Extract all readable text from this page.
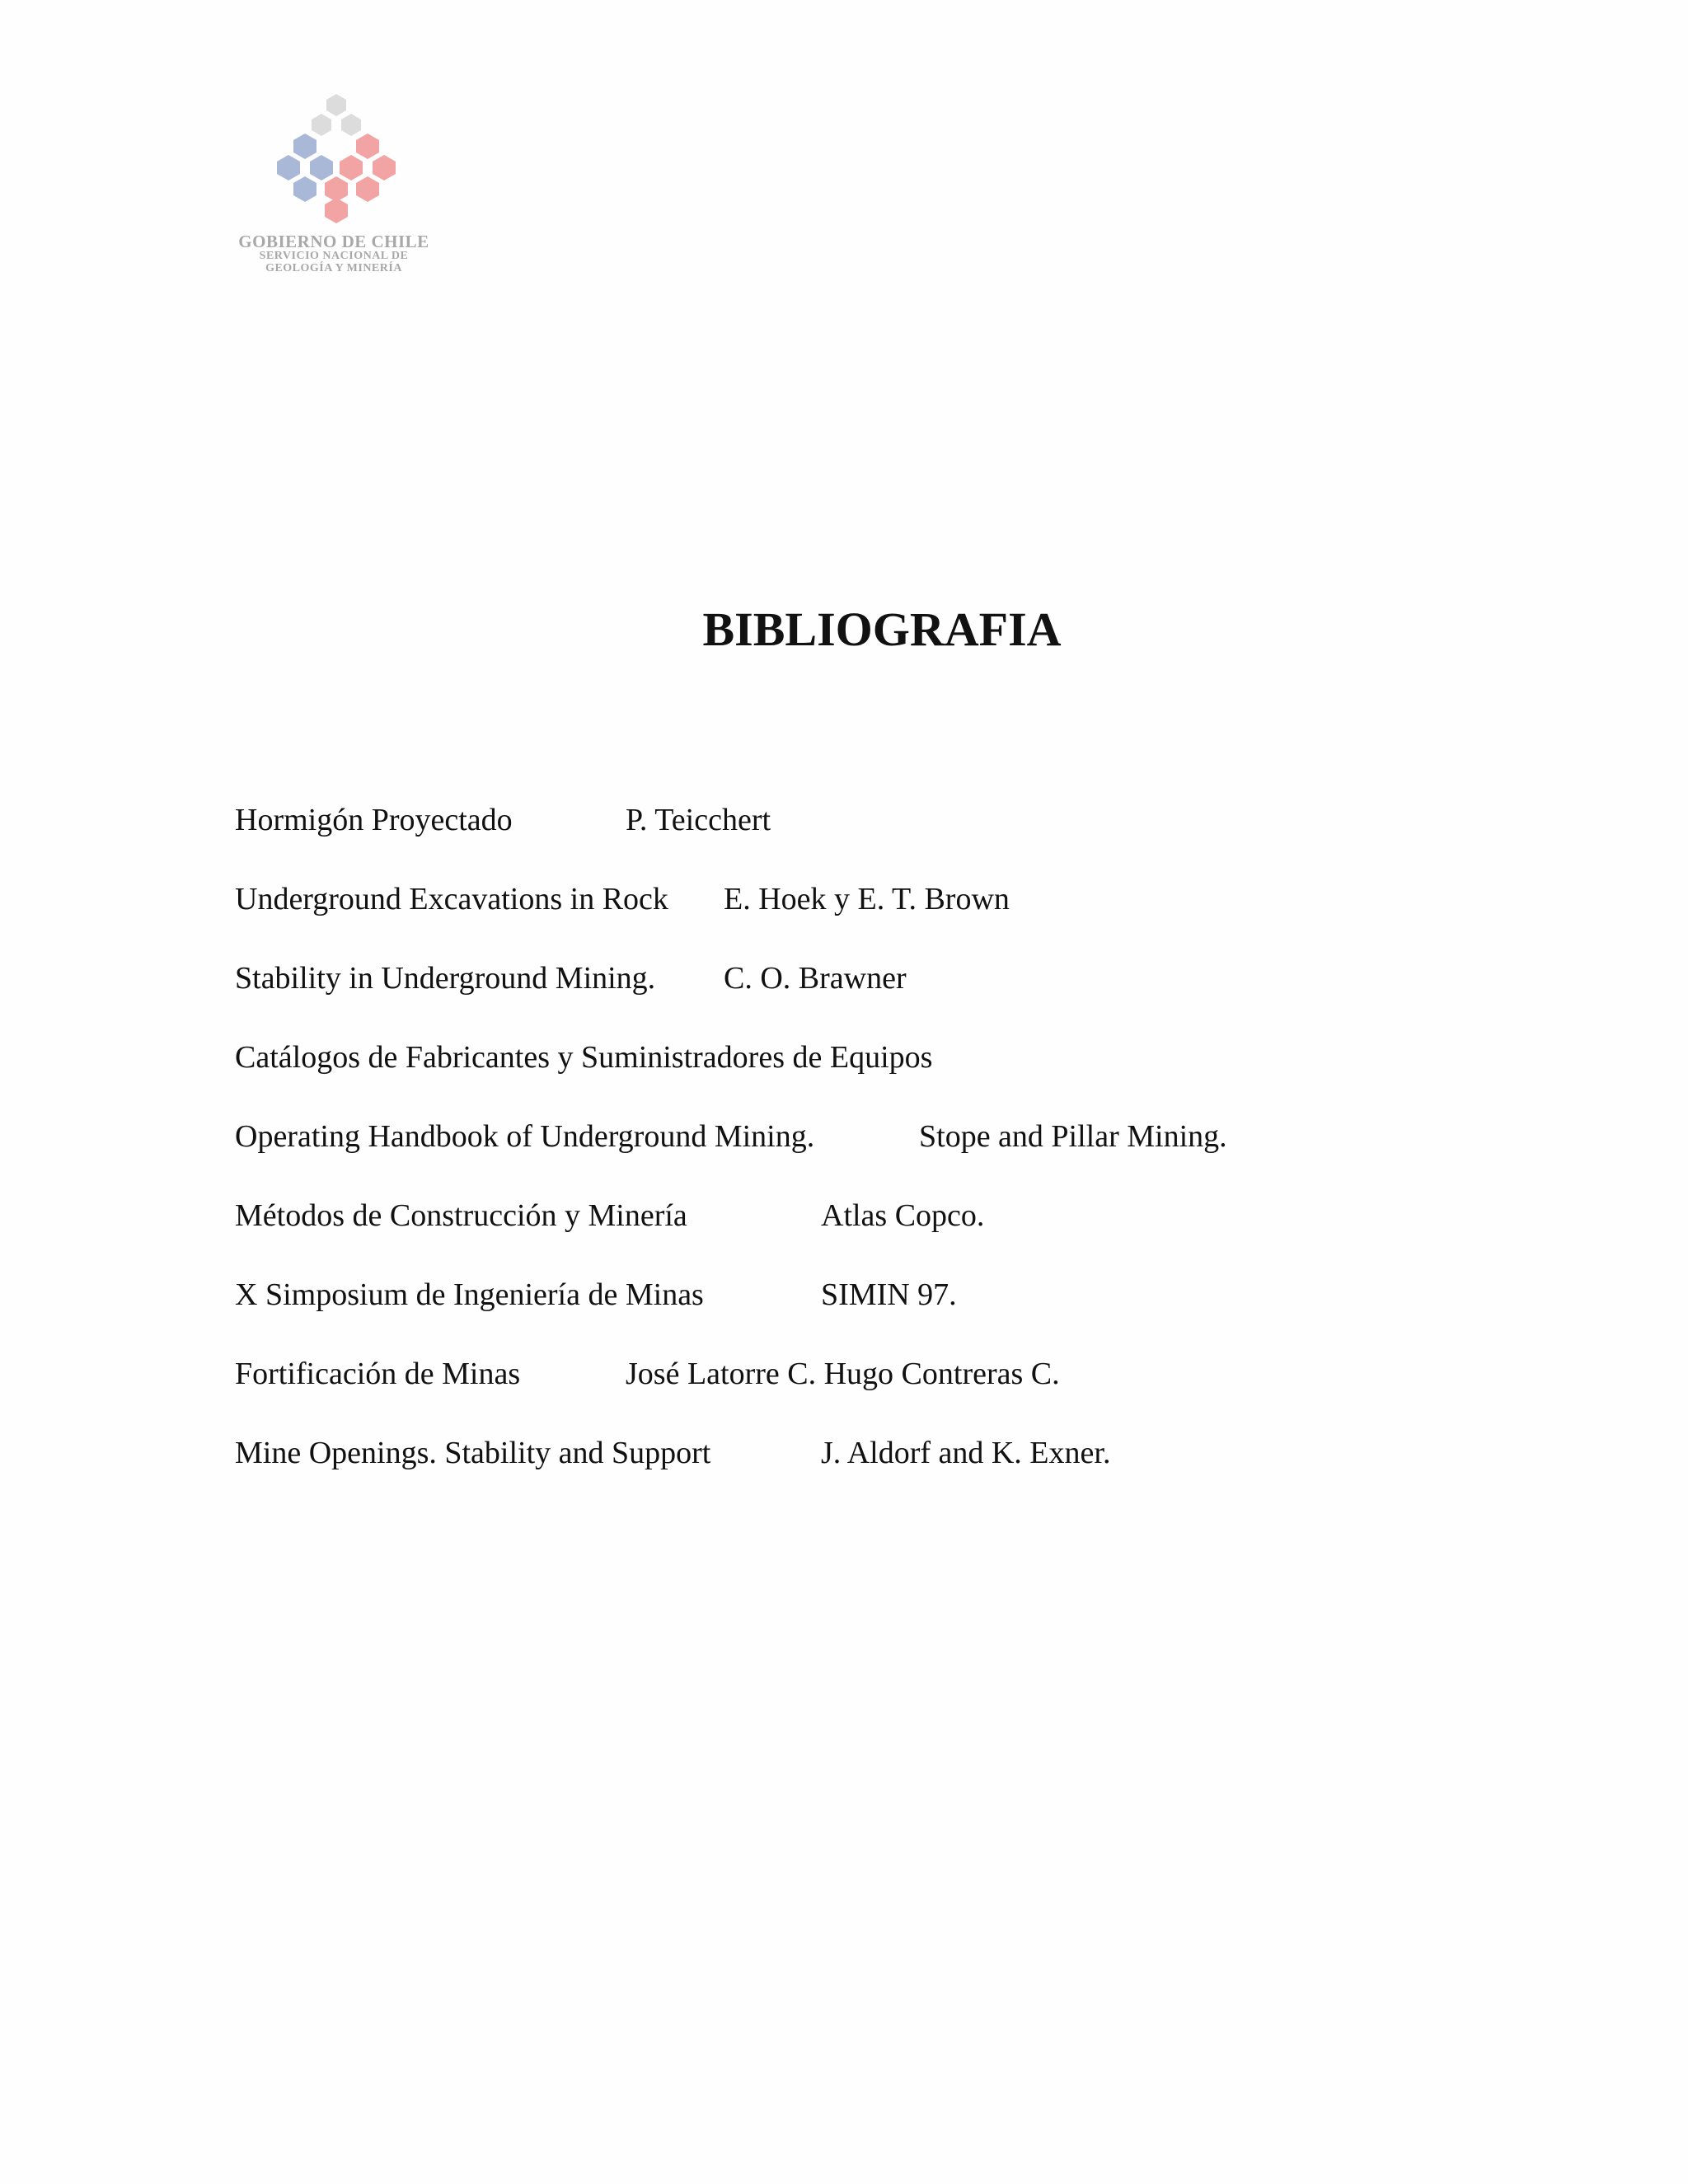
GOBIERNO DE CHILE
SERVICIO NACIONAL DE
GEOLOGÍA Y MINERÍA
BIBLIOGRAFIA
Hormigón Proyectado	P. Teicchert
Underground Excavations in Rock E. Hoek y E. T. Brown
Stability in Underground Mining. C. O. Brawner
Catálogos de Fabricantes y Suministradores de Equipos
Operating Handbook of Underground Mining.	Stope and Pillar Mining.
Métodos de Construcción y Minería	Atlas Copco.
X Simposium de Ingeniería de Minas	SIMIN 97.
Fortificación de Minas	José Latorre C. Hugo Contreras C.
Mine Openings. Stability and Support	J. Aldorf and K. Exner.
